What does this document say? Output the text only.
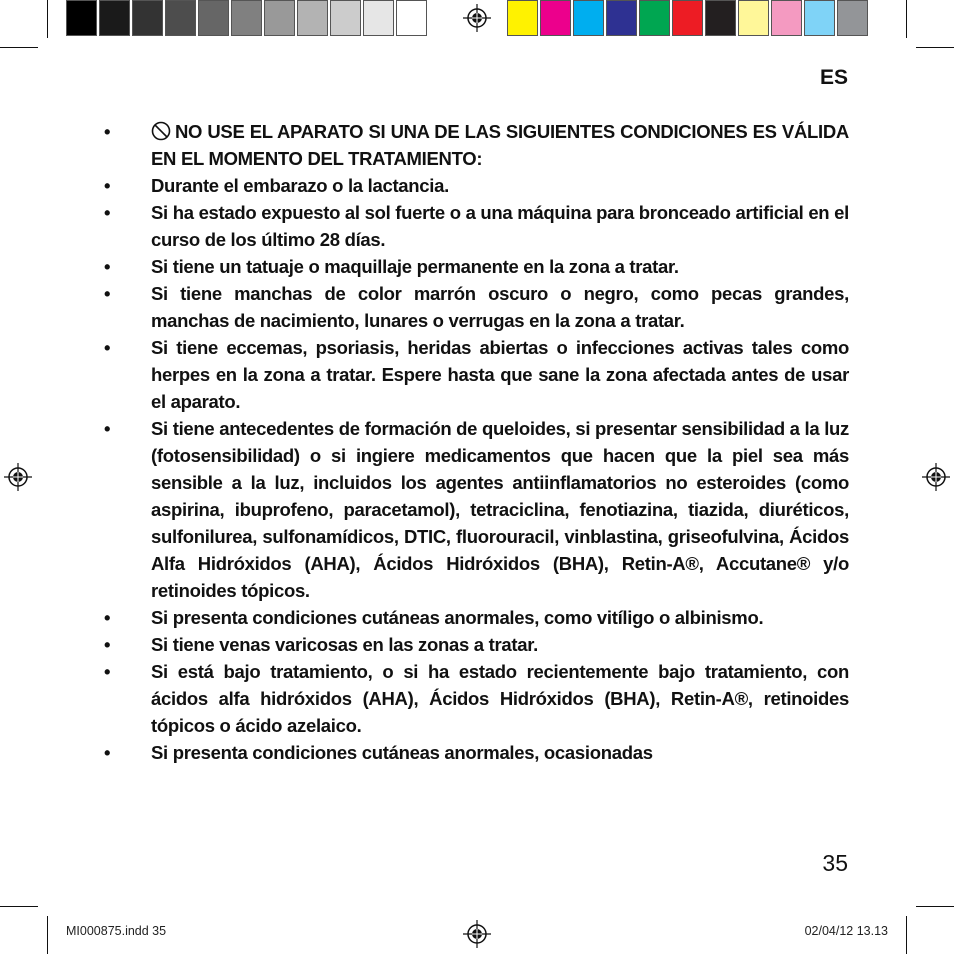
ES
•	NO USE EL APARATO SI UNA DE LAS SIGUIENTES CONDICIONES ES VÁLIDA EN EL MOMENTO DEL TRATAMIENTO:
•	Durante el embarazo o la lactancia.
•	Si ha estado expuesto al sol fuerte o a una máquina para bronceado artificial en el curso de los último 28 días.
•	Si tiene un tatuaje o maquillaje permanente en la zona a tratar.
•	Si tiene manchas de color marrón oscuro o negro, como pecas grandes, manchas de nacimiento, lunares o verrugas en la zona a tratar.
•	Si tiene eccemas, psoriasis, heridas abiertas o infecciones activas tales como herpes en la zona a tratar. Espere hasta que sane la zona afectada antes de usar el aparato.
•	Si tiene antecedentes de formación de queloides, si presentar sensibilidad a la luz (fotosensibilidad) o si ingiere medicamentos que hacen que la piel sea más sensible a la luz, incluidos los agentes antiinflamatorios no esteroides (como aspirina, ibuprofeno, paracetamol), tetraciclina, fenotiazina, tiazida, diuréticos, sulfonilurea, sulfonamídicos, DTIC, fluorouracil, vinblastina, griseofulvina, Ácidos Alfa Hidróxidos (AHA), Ácidos Hidróxidos (BHA), Retin-A®, Accutane® y/o retinoides tópicos.
•	Si presenta condiciones cutáneas anormales, como vitíligo o albinismo.
•	Si tiene venas varicosas en las zonas a tratar.
•	Si está bajo tratamiento, o si ha estado recientemente bajo tratamiento, con ácidos alfa hidróxidos (AHA), Ácidos Hidróxidos (BHA), Retin-A®, retinoides tópicos o ácido azelaico.
•	Si presenta condiciones cutáneas anormales, ocasionadas
35
MI000875.indd 35	02/04/12 13.13
